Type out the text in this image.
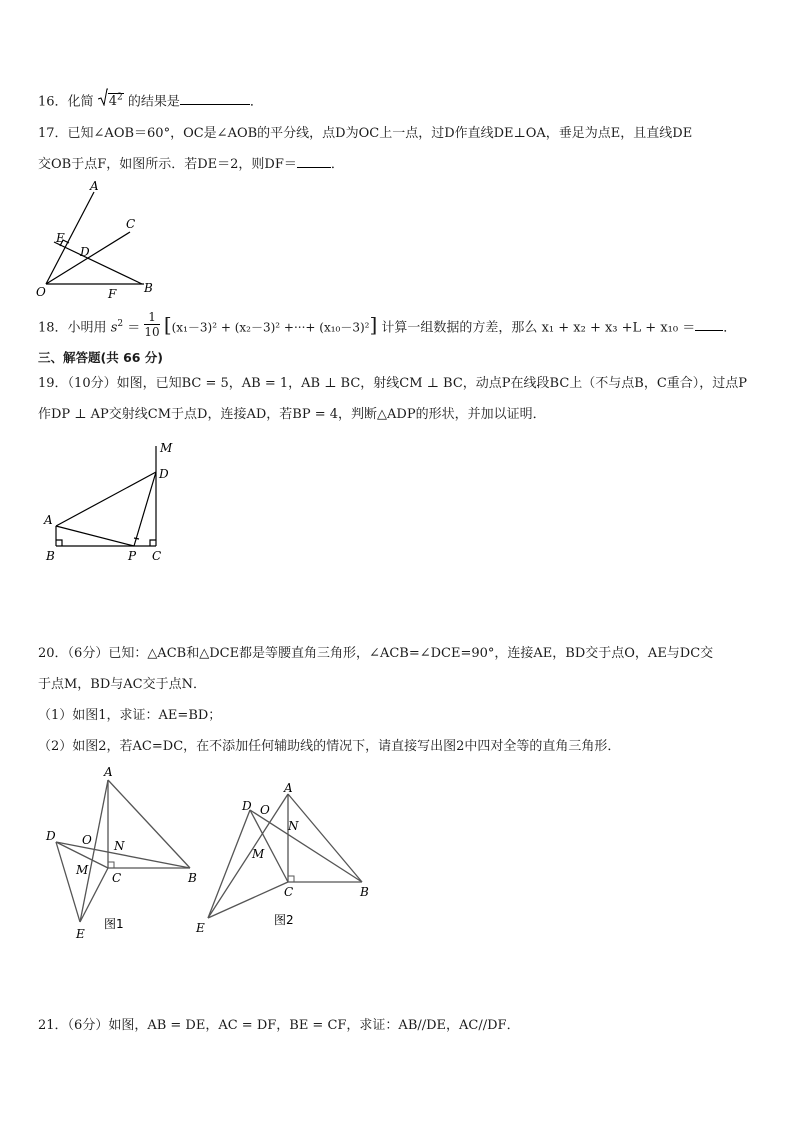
16．化简 $4^2$ 的结果是	．
17．已知∠AOB＝60°，OC是∠AOB的平分线，点D为OC上一点，过D作直线DE⊥OA，垂足为点E，且直线DE
交OB于点F，如图所示．若DE＝2，则DF＝	．
A
C
E
D
O	F B
18．小明用 $s^2 = \frac{1}{10} [(x_1-3)^2 + (x_2-3)^2$ +···+ (x₁₀－3)²] 计算一组数据的方差，那么 x₁ + x₂ + x₃ +L + x₁₀ ＝ ．
三、解答题(共 66 分)
19．（10分）如图，已知BC = 5，AB = 1，AB ⊥ BC，射线CM ⊥ BC，动点P在线段BC上（不与点B，C重合），过点P
作DP ⊥ AP交射线CM于点D，连接AD，若BP = 4，判断△ADP的形状，并加以证明．
M
D
A
B	P C
20．（6分）已知：△ACB和△DCE都是等腰直角三角形，∠ACB=∠DCE=90°，连接AE，BD交于点O，AE与DC交
于点M，BD与AC交于点N．
（1）如图1，求证：AE=BD；
（2）如图2，若AC=DC，在不添加任何辅助线的情况下，请直接写出图2中四对全等的直角三角形．
A
D O N
M
C	B
E
图1
A
D O
N
M
C	B
E
图2
21．（6分）如图，AB = DE，AC = DF，BE = CF，求证：AB//DE，AC//DF．
